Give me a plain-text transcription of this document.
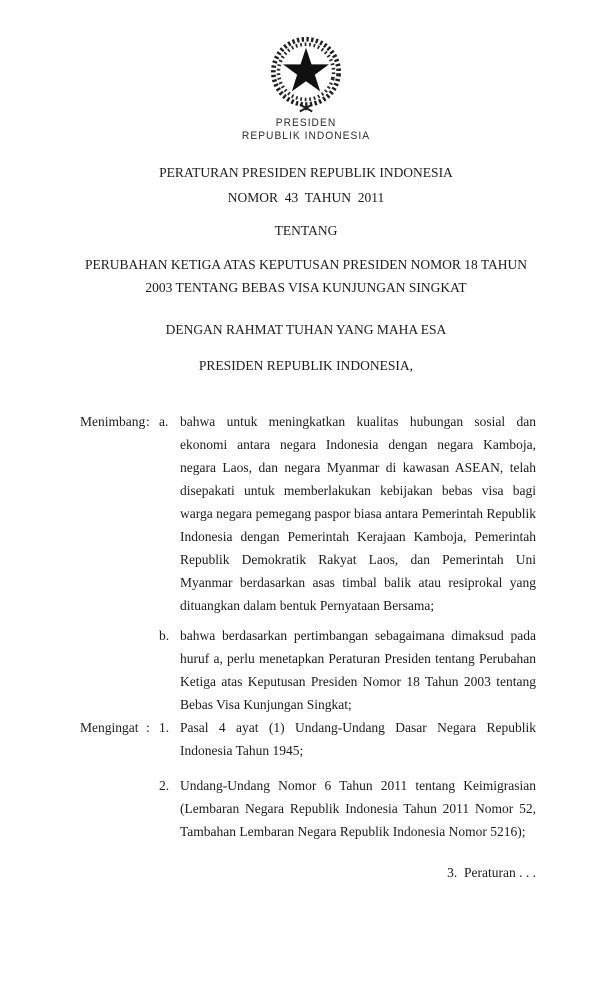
PRESIDEN
REPUBLIK INDONESIA

PERATURAN PRESIDEN REPUBLIK INDONESIA

NOMOR  43  TAHUN  2011

TENTANG

PERUBAHAN KETIGA ATAS KEPUTUSAN PRESIDEN NOMOR 18 TAHUN 2003 TENTANG BEBAS VISA KUNJUNGAN SINGKAT

DENGAN RAHMAT TUHAN YANG MAHA ESA

PRESIDEN REPUBLIK INDONESIA,

Menimbang : a. bahwa untuk meningkatkan kualitas hubungan sosial dan ekonomi antara negara Indonesia dengan negara Kamboja, negara Laos, dan negara Myanmar di kawasan ASEAN, telah disepakati untuk memberlakukan kebijakan bebas visa bagi warga negara pemegang paspor biasa antara Pemerintah Republik Indonesia dengan Pemerintah Kerajaan Kamboja, Pemerintah Republik Demokratik Rakyat Laos, dan Pemerintah Uni Myanmar berdasarkan asas timbal balik atau resiprokal yang dituangkan dalam bentuk Pernyataan Bersama;
b. bahwa berdasarkan pertimbangan sebagaimana dimaksud pada huruf a, perlu menetapkan Peraturan Presiden tentang Perubahan Ketiga atas Keputusan Presiden Nomor 18 Tahun 2003 tentang Bebas Visa Kunjungan Singkat;
Mengingat : 1. Pasal 4 ayat (1) Undang-Undang Dasar Negara Republik Indonesia Tahun 1945;
2. Undang-Undang Nomor 6 Tahun 2011 tentang Keimigrasian (Lembaran Negara Republik Indonesia Tahun 2011 Nomor 52, Tambahan Lembaran Negara Republik Indonesia Nomor 5216);
3.  Peraturan . . .
